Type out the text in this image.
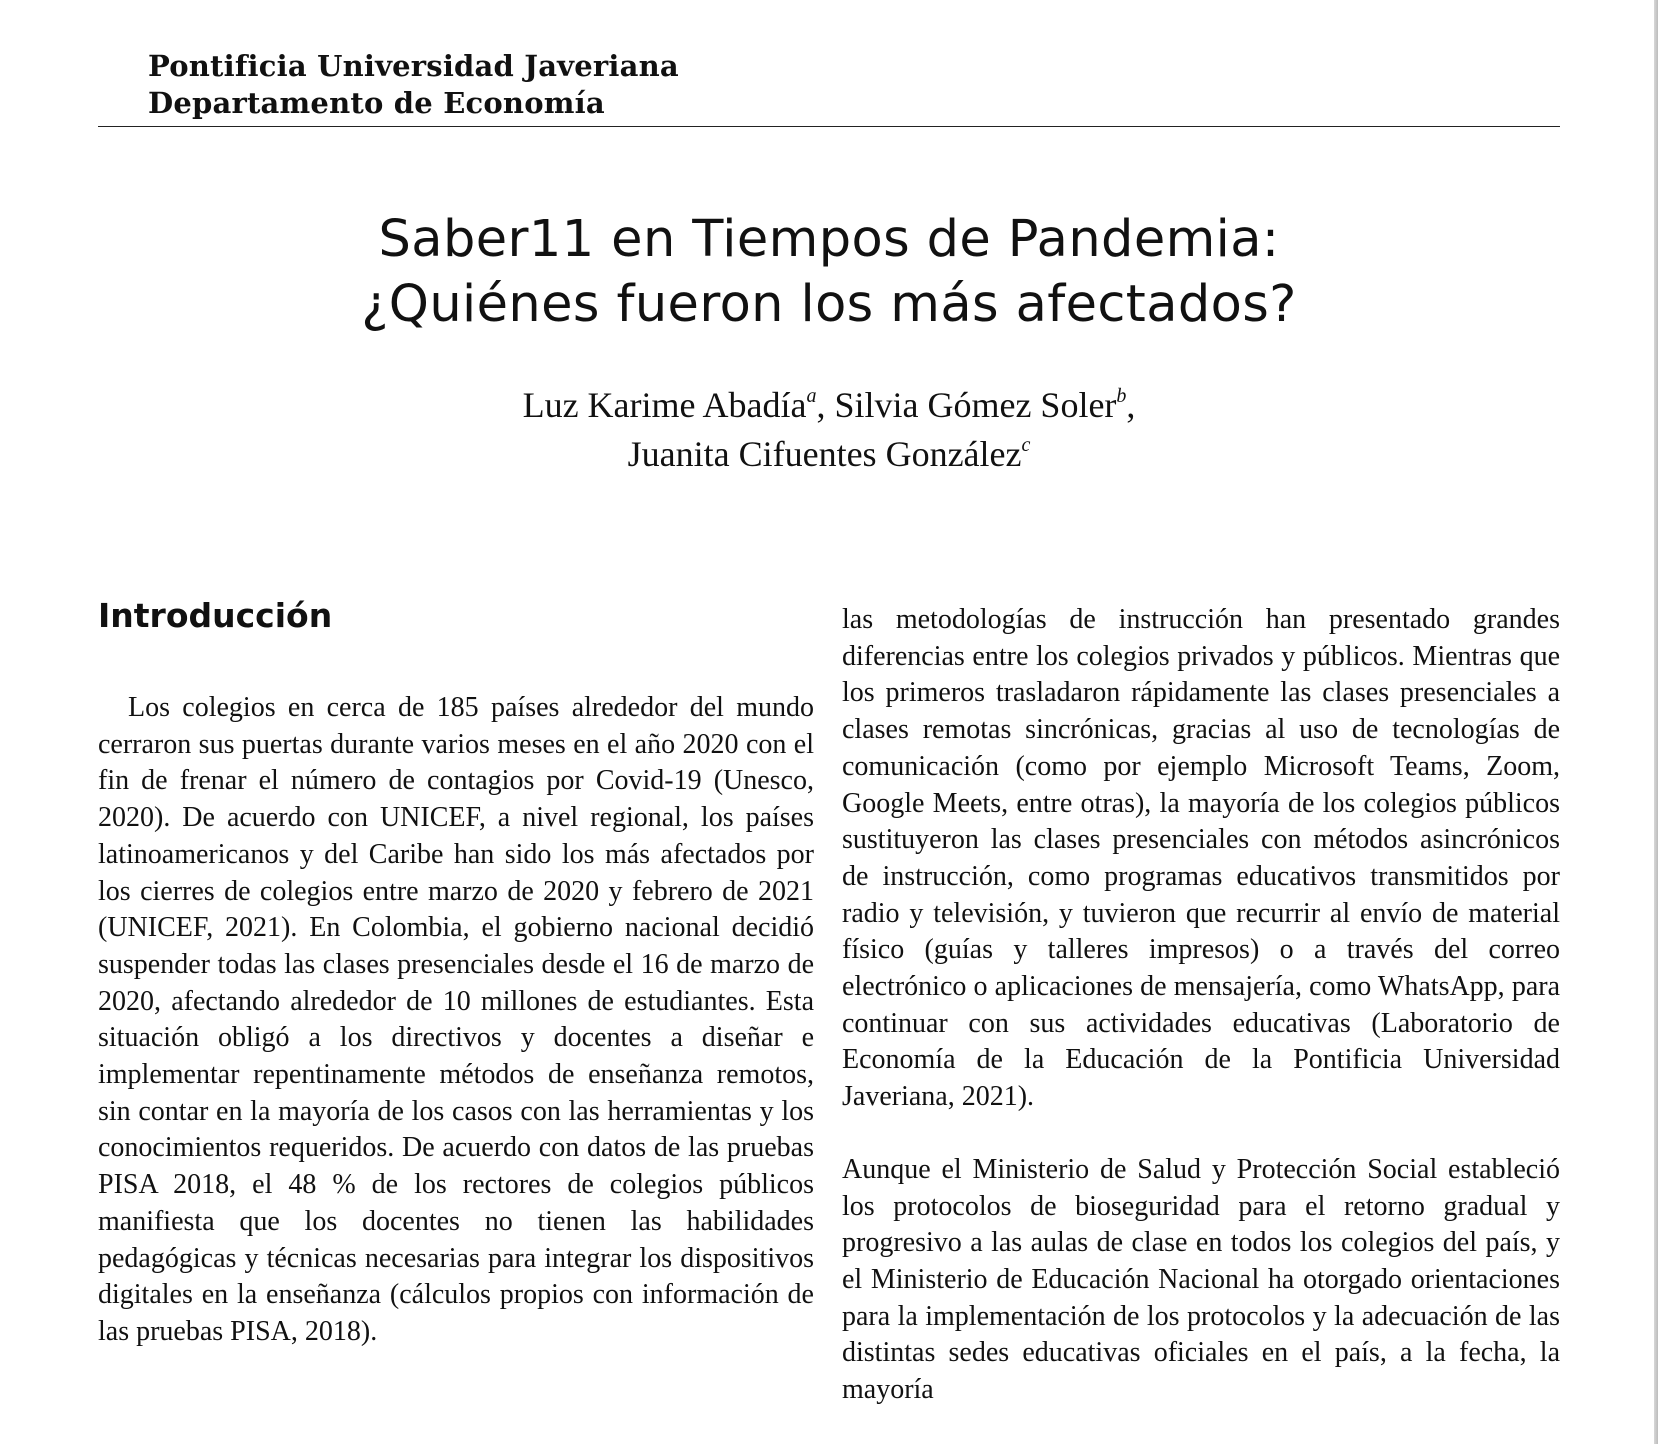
Pontificia Universidad Javeriana
Departamento de Economía
Saber11 en Tiempos de Pandemia:
¿Quiénes fueron los más afectados?
Luz Karime Abadía$^a$, Silvia Gómez Soler$^b$,
Juanita Cifuentes González$^c$
Introducción

Los colegios en cerca de 185 países alrededor del mundo cerraron sus puertas durante varios meses en el año 2020 con el fin de frenar el número de contagios por Covid-19 (Unesco, 2020). De acuerdo con UNICEF, a nivel regional, los países latinoamericanos y del Caribe han sido los más afectados por los cierres de colegios entre marzo de 2020 y febrero de 2021 (UNICEF, 2021). En Colombia, el gobierno nacional decidió suspender todas las clases presenciales desde el 16 de marzo de 2020, afectando alrededor de 10 millones de estudiantes. Esta situación obligó a los directivos y docentes a diseñar e implementar repentinamente métodos de enseñanza remotos, sin contar en la mayoría de los casos con las herramientas y los conocimientos requeridos. De acuerdo con datos de las pruebas PISA 2018, el 48 % de los rectores de colegios públicos manifiesta que los docentes no tienen las habilidades pedagógicas y técnicas necesarias para integrar los dispositivos digitales en la enseñanza (cálculos propios con información de las pruebas PISA, 2018).

las metodologías de instrucción han presentado grandes diferencias entre los colegios privados y públicos. Mientras que los primeros trasladaron rápidamente las clases presenciales a clases remotas sincrónicas, gracias al uso de tecnologías de comunicación (como por ejemplo Microsoft Teams, Zoom, Google Meets, entre otras), la mayoría de los colegios públicos sustituyeron las clases presenciales con métodos asincrónicos de instrucción, como programas educativos transmitidos por radio y televisión, y tuvieron que recurrir al envío de material físico (guías y talleres impresos) o a través del correo electrónico o aplicaciones de mensajería, como WhatsApp, para continuar con sus actividades educativas (Laboratorio de Economía de la Educación de la Pontificia Universidad Javeriana, 2021).

Aunque el Ministerio de Salud y Protección Social estableció los protocolos de bioseguridad para el retorno gradual y progresivo a las aulas de clase en todos los colegios del país, y el Ministerio de Educación Nacional ha otorgado orientaciones para la implementación de los protocolos y la adecuación de las distintas sedes educativas oficiales en el país, a la fecha, la mayoría
